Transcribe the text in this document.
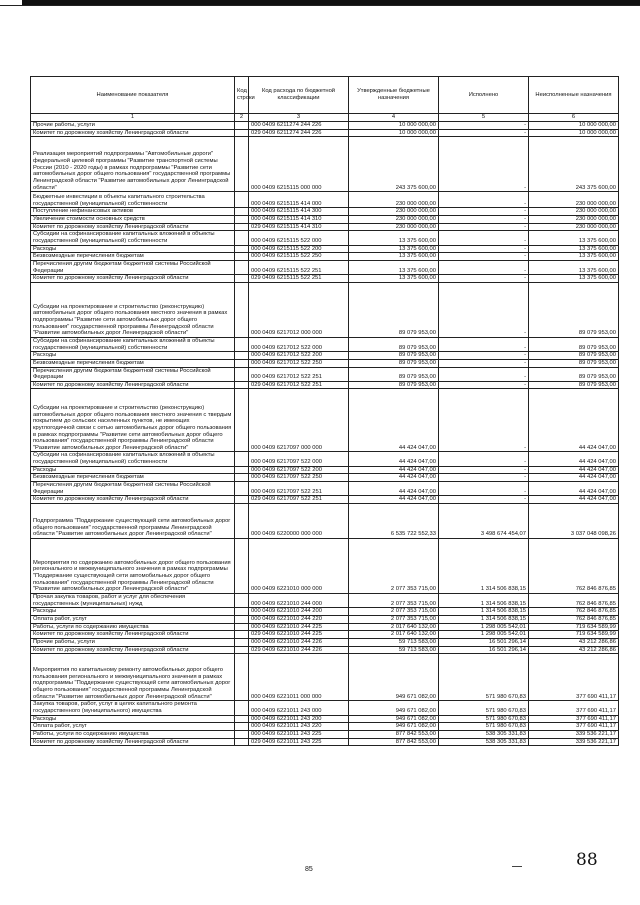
Наименование показателя	Код строки	Код расхода по бюджетной классификации	Утвержденные бюджетные назначения	Исполнено	Неисполненные назначения
1	2	3	4	5	6
Прочие работы, услуги		000 0409 6211274 244 226	10 000 000,00	-	10 000 000,00
Комитет по дорожному хозяйству Ленинградской области		029 0409 6211274 244 226	10 000 000,00	-	10 000 000,00
Реализация мероприятий подпрограммы "Автомобильные дороги" федеральной целевой программы "Развитие транспортной системы России (2010 - 2020 годы) в рамках подпрограммы "Развитие сети автомобильных дорог общего пользования" государственной программы Ленинградской области "Развитие автомобильных дорог Ленинградской области"		000 0409 6215115 000 000	243 375 600,00	-	243 375 600,00
Бюджетные инвестиции в объекты капитального строительства государственной (муниципальной) собственности		000 0409 6215115 414 000	230 000 000,00	-	230 000 000,00
Поступление нефинансовых активов		000 0409 6215115 414 300	230 000 000,00	-	230 000 000,00
Увеличение стоимости основных средств		000 0409 6215115 414 310	230 000 000,00	-	230 000 000,00
Комитет по дорожному хозяйству Ленинградской области		029 0409 6215115 414 310	230 000 000,00	-	230 000 000,00
Субсидии на софинансирование капитальных вложений в объекты государственной (муниципальной) собственности		000 0409 6215115 522 000	13 375 600,00	-	13 375 600,00
Расходы		000 0409 6215115 522 200	13 375 600,00	-	13 375 600,00
Безвозмездные перечисления бюджетам		000 0409 6215115 522 250	13 375 600,00	-	13 375 600,00
Перечисления другим бюджетам бюджетной системы Российской Федерации		000 0409 6215115 522 251	13 375 600,00	-	13 375 600,00
Комитет по дорожному хозяйству Ленинградской области		029 0409 6215115 522 251	13 375 600,00	-	13 375 600,00
Субсидии на проектирование и строительство (реконструкцию) автомобильных дорог общего пользования местного значения в рамках подпрограммы "Развитие сети автомобильных дорог общего пользования" государственной программы Ленинградской области "Развитие автомобильных дорог Ленинградской области"		000 0409 6217012 000 000	89 079 953,00	-	89 079 953,00
Субсидии на софинансирование капитальных вложений в объекты государственной (муниципальной) собственности		000 0409 6217012 522 000	89 079 953,00	-	89 079 953,00
Расходы		000 0409 6217012 522 200	89 079 953,00	-	89 079 953,00
Безвозмездные перечисления бюджетам		000 0409 6217012 522 250	89 079 953,00	-	89 079 953,00
Перечисления другим бюджетам бюджетной системы Российской Федерации		000 0409 6217012 522 251	89 079 953,00	-	89 079 953,00
Комитет по дорожному хозяйству Ленинградской области		029 0409 6217012 522 251	89 079 953,00	-	89 079 953,00
Субсидии на проектирование и строительство (реконструкцию) автомобильных дорог общего пользования местного значения с твердым покрытием до сельских населенных пунктов, не имеющих круглогодичной связи с сетью автомобильных дорог общего пользования в рамках подпрограммы "Развитие сети автомобильных дорог общего пользования" государственной программы Ленинградской области "Развитие автомобильных дорог Ленинградской области"		000 0409 6217097 000 000	44 424 047,00	-	44 424 047,00
Субсидии на софинансирование капитальных вложений в объекты государственной (муниципальной) собственности		000 0409 6217097 522 000	44 424 047,00	-	44 424 047,00
Расходы		000 0409 6217097 522 200	44 424 047,00	-	44 424 047,00
Безвозмездные перечисления бюджетам		000 0409 6217097 522 250	44 424 047,00	-	44 424 047,00
Перечисления другим бюджетам бюджетной системы Российской Федерации		000 0409 6217097 522 251	44 424 047,00	-	44 424 047,00
Комитет по дорожному хозяйству Ленинградской области		029 0409 6217097 522 251	44 424 047,00	-	44 424 047,00
Подпрограмма "Поддержание существующей сети автомобильных дорог общего пользования" государственной программы Ленинградской области "Развитие автомобильных дорог Ленинградской области"		000 0409 6220000 000 000	6 535 722 552,33	3 498 674 454,07	3 037 048 098,26
Мероприятия по содержанию автомобильных дорог общего пользования регионального и межмуниципального значения в рамках подпрограммы "Поддержание существующей сети автомобильных дорог общего пользования" государственной программы Ленинградской области "Развитие автомобильных дорог Ленинградской области"		000 0409 6221010 000 000	2 077 353 715,00	1 314 506 838,15	762 846 876,85
Прочая закупка товаров, работ и услуг для обеспечения государственных (муниципальных) нужд		000 0409 6221010 244 000	2 077 353 715,00	1 314 506 838,15	762 846 876,85
Расходы		000 0409 6221010 244 200	2 077 353 715,00	1 314 506 838,15	762 846 876,85
Оплата работ, услуг		000 0409 6221010 244 220	2 077 353 715,00	1 314 506 838,15	762 846 876,85
Работы, услуги по содержанию имущества		000 0409 6221010 244 225	2 017 640 132,00	1 298 005 542,01	719 634 589,99
Комитет по дорожному хозяйству Ленинградской области		029 0409 6221010 244 225	2 017 640 132,00	1 298 005 542,01	719 634 589,99
Прочие работы, услуги		000 0409 6221010 244 226	59 713 583,00	16 501 296,14	43 212 286,86
Комитет по дорожному хозяйству Ленинградской области		029 0409 6221010 244 226	59 713 583,00	16 501 296,14	43 212 286,86
Мероприятия по капитальному ремонту автомобильных дорог общего пользования регионального и межмуниципального значения в рамках подпрограммы "Поддержание существующей сети автомобильных дорог общего пользования" государственной программы Ленинградской области "Развитие автомобильных дорог Ленинградской области"		000 0409 6221011 000 000	949 671 082,00	571 980 670,83	377 690 411,17
Закупка товаров, работ, услуг в целях капитального ремонта государственного (муниципального) имущества		000 0409 6221011 243 000	949 671 082,00	571 980 670,83	377 690 411,17
Расходы		000 0409 6221011 243 200	949 671 082,00	571 980 670,83	377 690 411,17
Оплата работ, услуг		000 0409 6221011 243 220	949 671 082,00	571 980 670,83	377 690 411,17
Работы, услуги по содержанию имущества		000 0409 6221011 243 225	877 842 553,00	538 305 331,83	339 536 221,17
Комитет по дорожному хозяйству Ленинградской области		029 0409 6221011 243 225	877 842 553,00	538 305 331,83	339 536 221,17
85	88
